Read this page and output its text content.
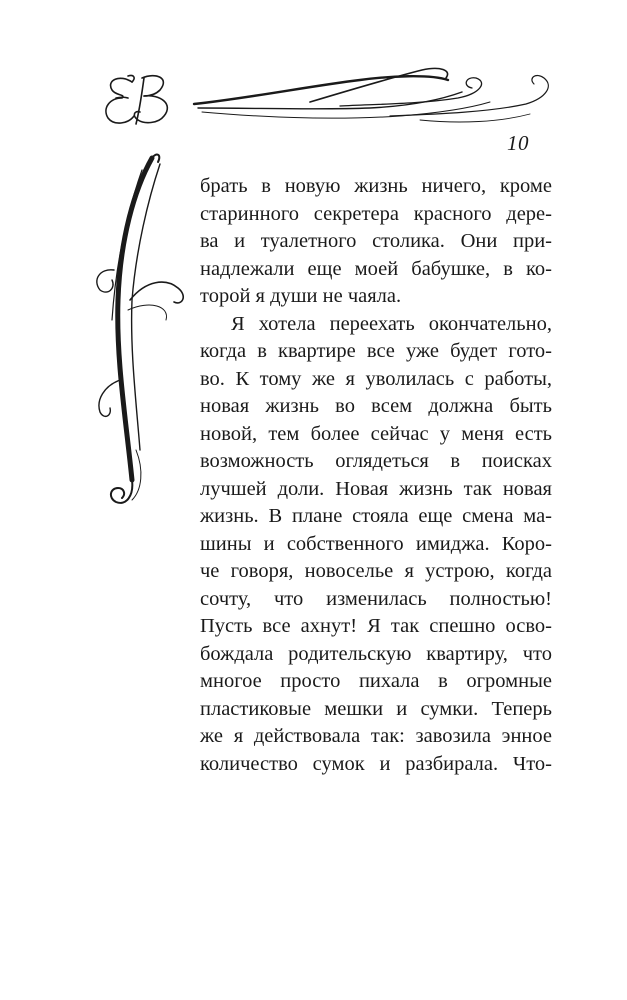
10
брать в новую жизнь ничего, кроме
старинного секретера красного дере-
ва и туалетного столика. Они при-
надлежали еще моей бабушке, в ко-
торой я души не чаяла.
Я хотела переехать окончательно,
когда в квартире все уже будет гото-
во. К тому же я уволилась с работы,
новая жизнь во всем должна быть
новой, тем более сейчас у меня есть
возможность оглядеться в поисках
лучшей доли. Новая жизнь так новая
жизнь. В плане стояла еще смена ма-
шины и собственного имиджа. Коро-
че говоря, новоселье я устрою, когда
сочту, что изменилась полностью!
Пусть все ахнут! Я так спешно осво-
бождала родительскую квартиру, что
многое просто пихала в огромные
пластиковые мешки и сумки. Теперь
же я действовала так: завозила энное
количество сумок и разбирала. Что-
